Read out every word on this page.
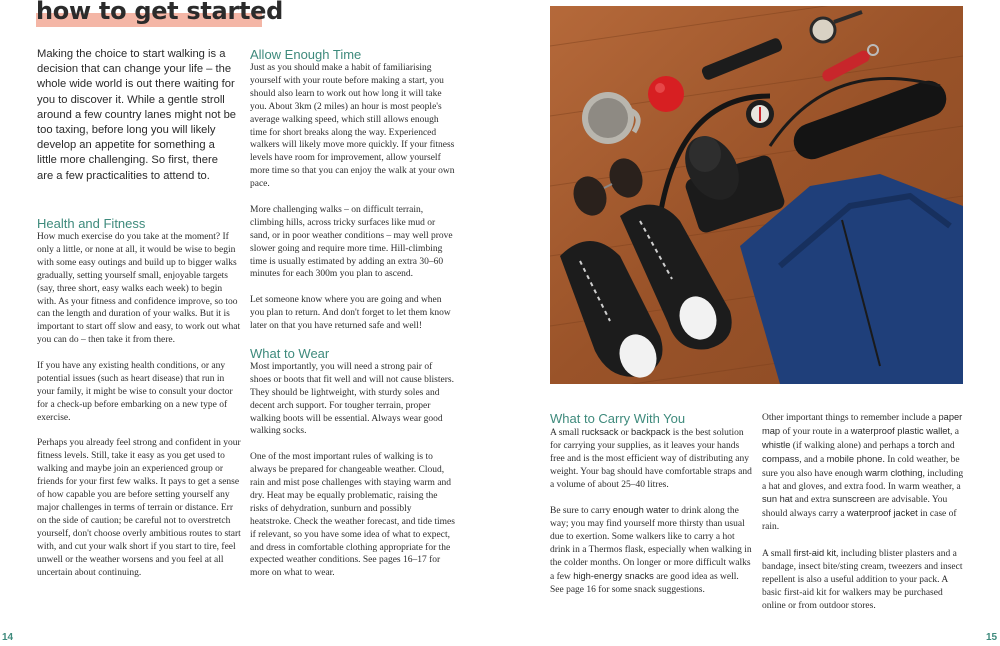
how to get started
Making the choice to start walking is a decision that can change your life – the whole wide world is out there waiting for you to discover it. While a gentle stroll around a few country lanes might not be too taxing, before long you will likely develop an appetite for something a little more challenging. So first, there are a few practicalities to attend to.
Health and Fitness

How much exercise do you take at the moment? If only a little, or none at all, it would be wise to begin with some easy outings and build up to bigger walks gradually, setting yourself small, enjoyable targets (say, three short, easy walks each week) to begin with. As your fitness and confidence improve, so too can the length and duration of your walks. But it is important to start off slow and easy, to work out what you can do – then take it from there.

If you have any existing health conditions, or any potential issues (such as heart disease) that run in your family, it might be wise to consult your doctor for a check-up before embarking on a new type of exercise.

Perhaps you already feel strong and confident in your fitness levels. Still, take it easy as you get used to walking and maybe join an experienced group or friends for your first few walks. It pays to get a sense of how capable you are before setting yourself any major challenges in terms of terrain or distance. Err on the side of caution; be careful not to overstretch yourself, don't choose overly ambitious routes to start with, and cut your walk short if you start to tire, feel unwell or the weather worsens and you feel at all uncertain about continuing.

Allow Enough Time

Just as you should make a habit of familiarising yourself with your route before making a start, you should also learn to work out how long it will take you. About 3km (2 miles) an hour is most people's average walking speed, which still allows enough time for short breaks along the way. Experienced walkers will likely move more quickly. If your fitness levels have room for improvement, allow yourself more time so that you can enjoy the walk at your own pace.

More challenging walks – on difficult terrain, climbing hills, across tricky surfaces like mud or sand, or in poor weather conditions – may well prove slower going and require more time. Hill-climbing time is usually estimated by adding an extra 30–60 minutes for each 300m you plan to ascend.

Let someone know where you are going and when you plan to return. And don't forget to let them know later on that you have returned safe and well!

What to Wear

Most importantly, you will need a strong pair of shoes or boots that fit well and will not cause blisters. They should be lightweight, with sturdy soles and decent arch support. For tougher terrain, proper walking boots will be essential. Always wear good walking socks.

One of the most important rules of walking is to always be prepared for changeable weather. Cloud, rain and mist pose challenges with staying warm and dry. Heat may be equally problematic, raising the risks of dehydration, sunburn and possibly heatstroke. Check the weather forecast, and tide times if relevant, so you have some idea of what to expect, and dress in comfortable clothing appropriate for the expected weather conditions. See pages 16–17 for more on what to wear.

What to Carry With You

A small rucksack or backpack is the best solution for carrying your supplies, as it leaves your hands free and is the most efficient way of distributing any weight. Your bag should have comfortable straps and a volume of about 25–40 litres.

Be sure to carry enough water to drink along the way; you may find yourself more thirsty than usual due to exertion. Some walkers like to carry a hot drink in a Thermos flask, especially when walking in the colder months. On longer or more difficult walks a few high-energy snacks are good idea as well. See page 16 for some snack suggestions.

Other important things to remember include a paper map of your route in a waterproof plastic wallet, a whistle (if walking alone) and perhaps a torch and compass, and a mobile phone. In cold weather, be sure you also have enough warm clothing, including a hat and gloves, and extra food. In warm weather, a sun hat and extra sunscreen are advisable. You should always carry a waterproof jacket in case of rain.

A small first-aid kit, including blister plasters and a bandage, insect bite/sting cream, tweezers and insect repellent is also a useful addition to your pack. A basic first-aid kit for walkers may be purchased online or from outdoor stores.

14	15
